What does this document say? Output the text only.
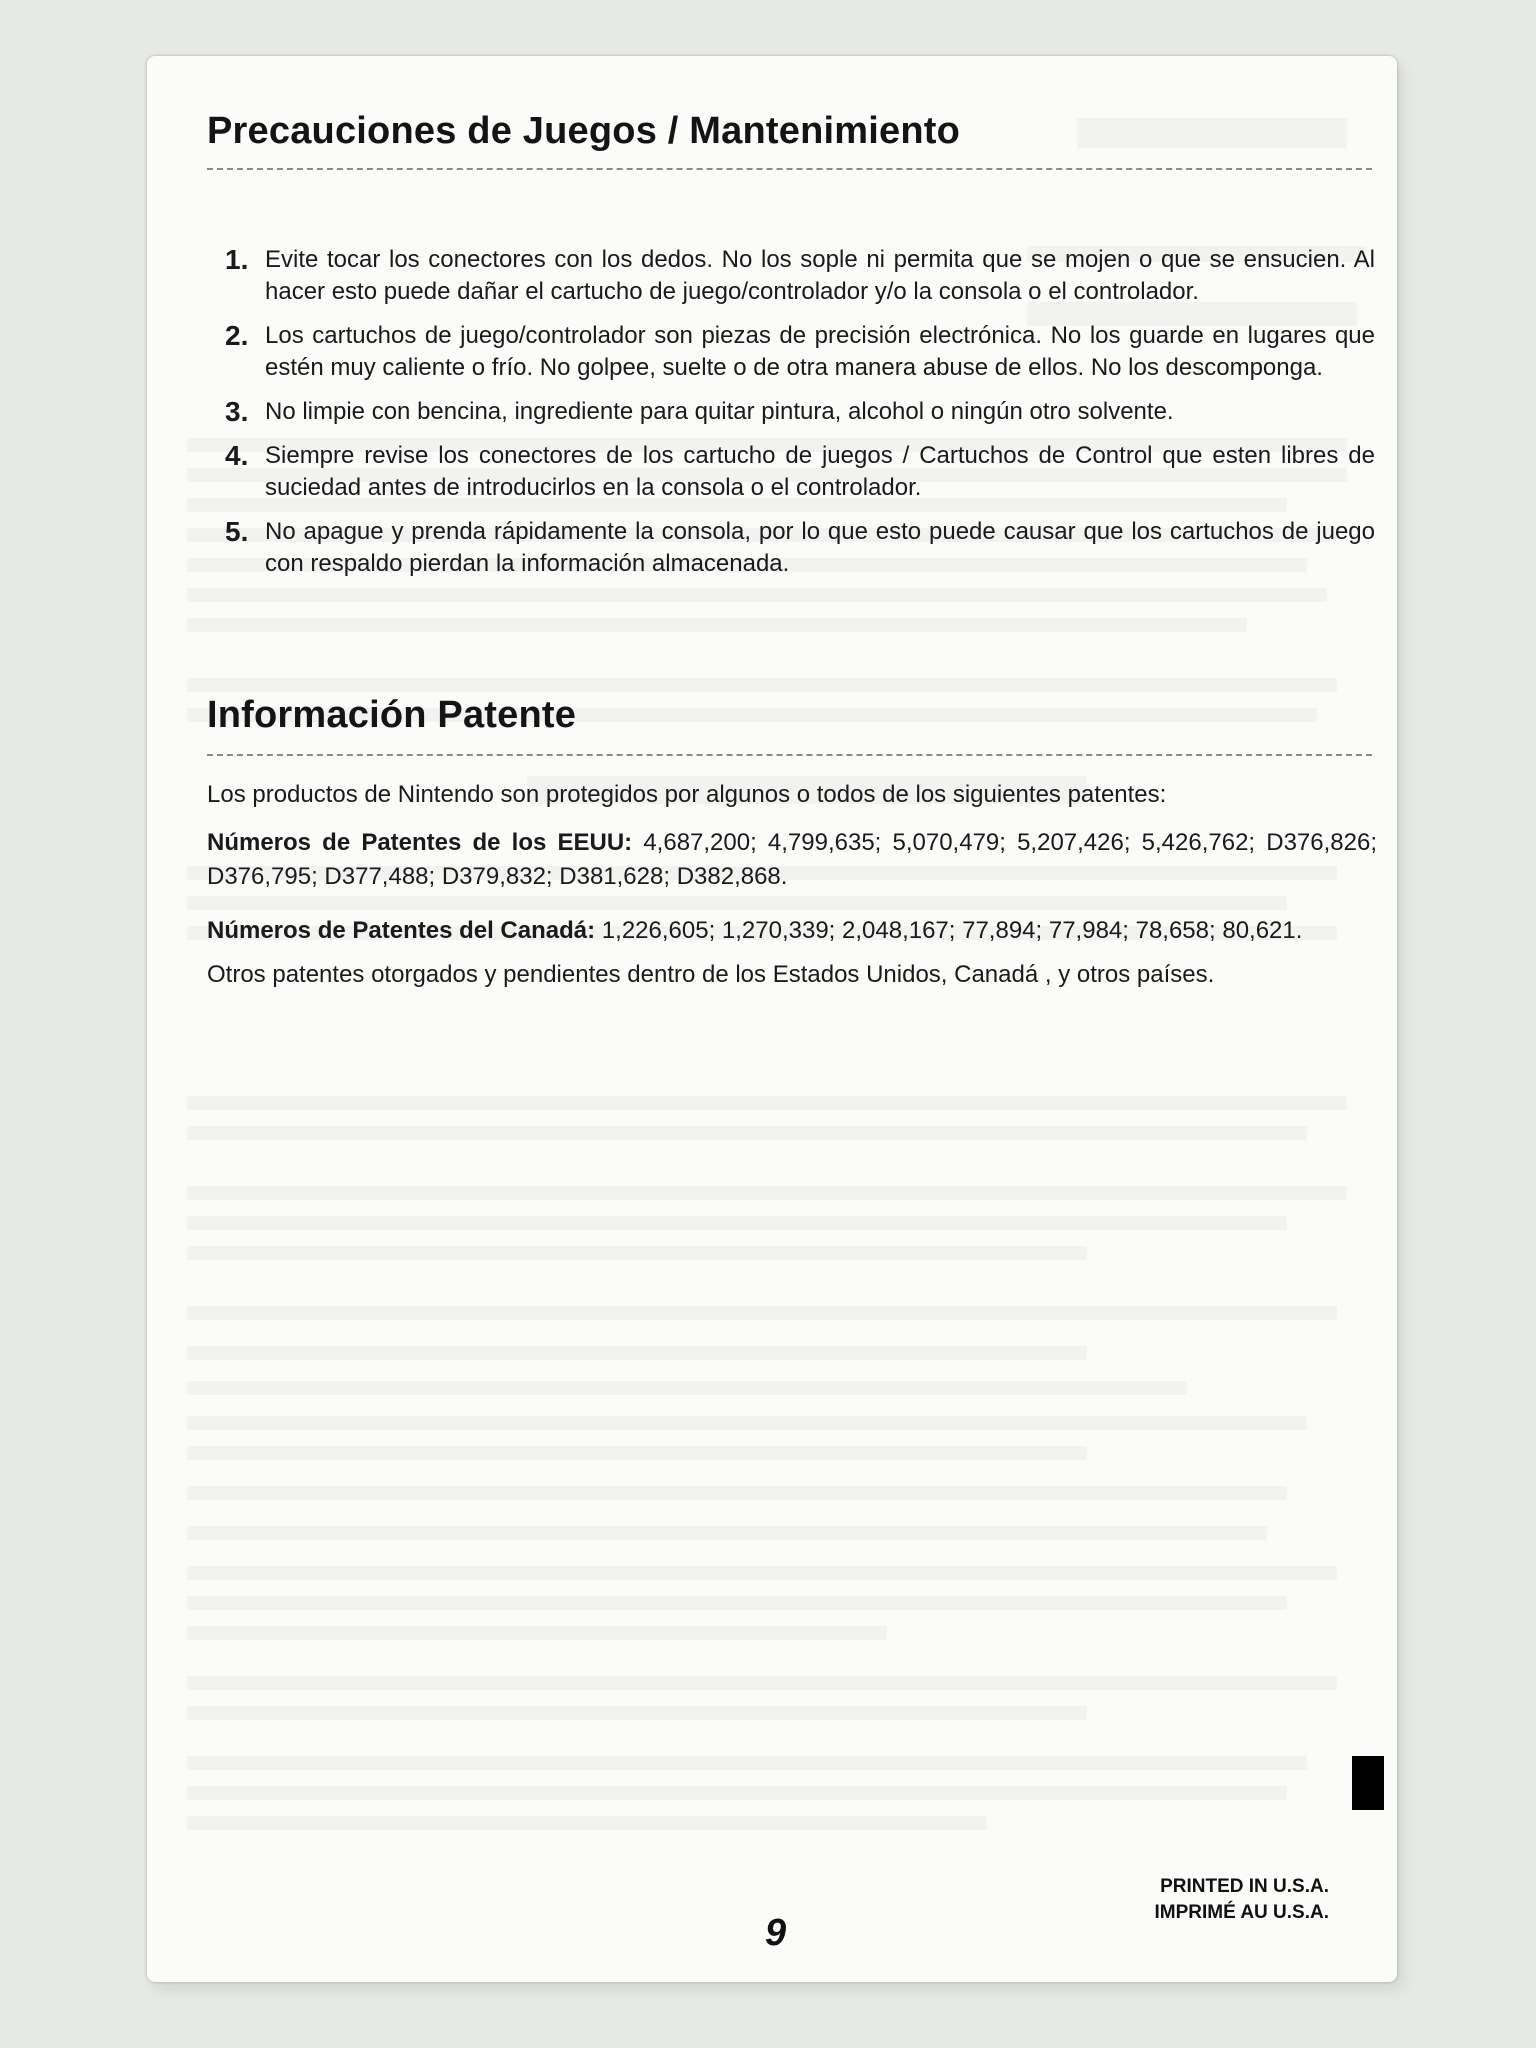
Precauciones de Juegos / Mantenimiento
1. Evite tocar los conectores con los dedos. No los sople ni permita que se mojen o que se ensucien. Al hacer esto puede dañar el cartucho de juego/controlador y/o la consola o el controlador.
2. Los cartuchos de juego/controlador son piezas de precisión electrónica. No los guarde en lugares que estén muy caliente o frío. No golpee, suelte o de otra manera abuse de ellos. No los descomponga.
3. No limpie con bencina, ingrediente para quitar pintura, alcohol o ningún otro solvente.
4. Siempre revise los conectores de los cartucho de juegos / Cartuchos de Control que esten libres de suciedad antes de introducirlos en la consola o el controlador.
5. No apague y prenda rápidamente la consola, por lo que esto puede causar que los cartuchos de juego con respaldo pierdan la información almacenada.
Información Patente

Los productos de Nintendo son protegidos por algunos o todos de los siguientes patentes:

Números de Patentes de los EEUU: 4,687,200; 4,799,635; 5,070,479; 5,207,426; 5,426,762; D376,826; D376,795; D377,488; D379,832; D381,628; D382,868.

Números de Patentes del Canadá: 1,226,605; 1,270,339; 2,048,167; 77,894; 77,984; 78,658; 80,621.

Otros patentes otorgados y pendientes dentro de los Estados Unidos, Canadá , y otros países.

PRINTED IN U.S.A.
IMPRIMÉ AU U.S.A.
9
